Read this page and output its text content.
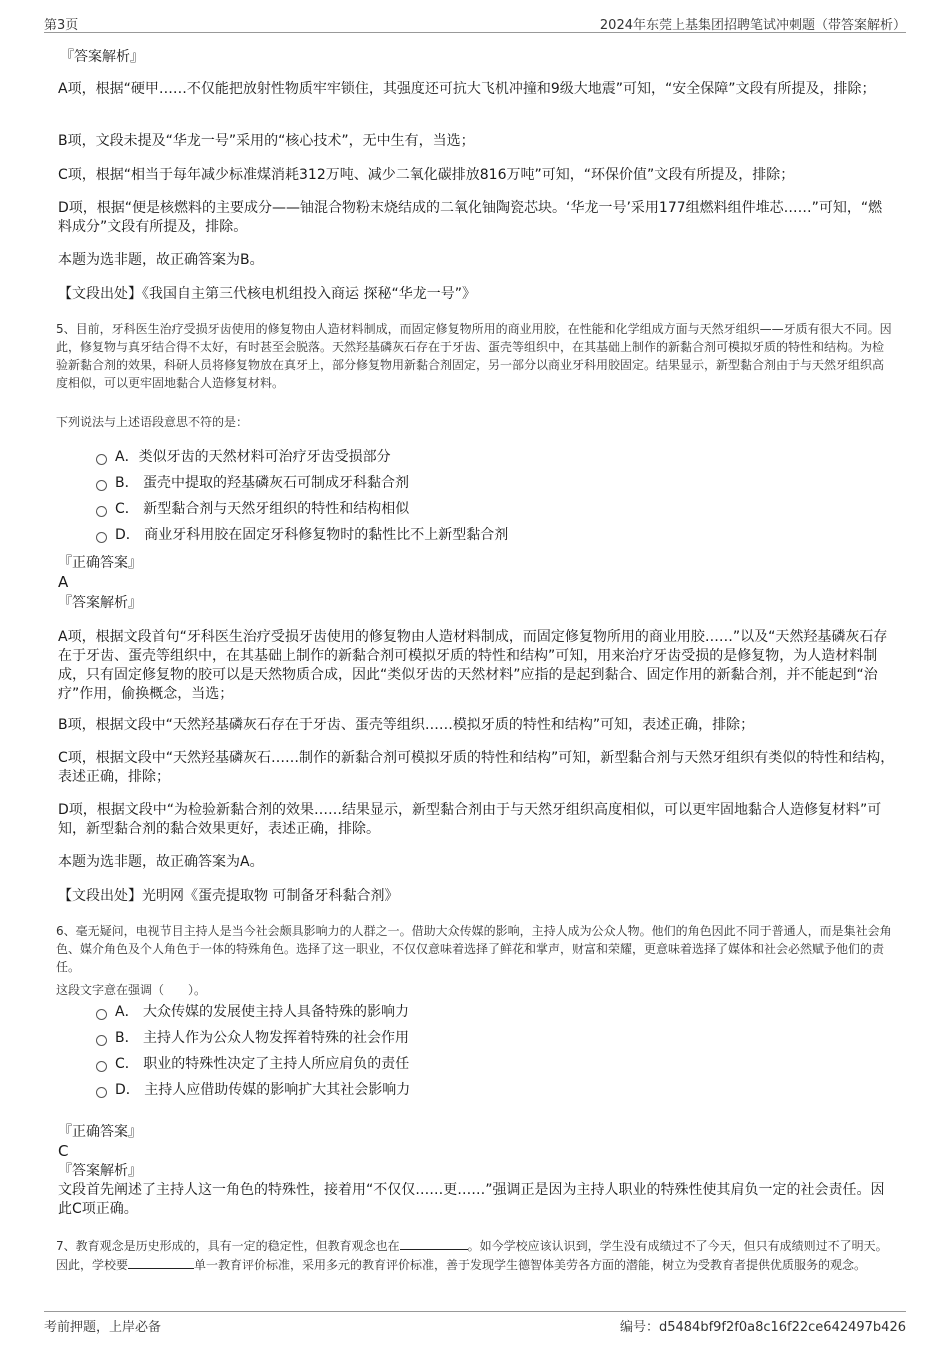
第3页	2024年东莞上基集团招聘笔试冲刺题（带答案解析）

『答案解析』

A项，根据“硬甲……不仅能把放射性物质牢牢锁住，其强度还可抗大飞机冲撞和9级大地震”可知，“安全保障”文段有所提及，排除；

B项，文段未提及“华龙一号”采用的“核心技术”，无中生有，当选；

C项，根据“相当于每年减少标准煤消耗312万吨、减少二氧化碳排放816万吨”可知，“环保价值”文段有所提及，排除；

D项，根据“便是核燃料的主要成分——铀混合物粉末烧结成的二氧化铀陶瓷芯块。‘华龙一号’采用177组燃料组件堆芯……”可知，“燃料成分”文段有所提及，排除。

本题为选非题，故正确答案为B。

【文段出处】《我国自主第三代核电机组投入商运 探秘“华龙一号”》

5、目前，牙科医生治疗受损牙齿使用的修复物由人造材料制成，而固定修复物所用的商业用胶，在性能和化学组成方面与天然牙组织——牙质有很大不同。因此，修复物与真牙结合得不太好，有时甚至会脱落。天然羟基磷灰石存在于牙齿、蛋壳等组织中，在其基础上制作的新黏合剂可模拟牙质的特性和结构。为检验新黏合剂的效果，科研人员将修复物放在真牙上，部分修复物用新黏合剂固定，另一部分以商业牙科用胶固定。结果显示，新型黏合剂由于与天然牙组织高度相似，可以更牢固地黏合人造修复材料。

下列说法与上述语段意思不符的是：

A．类似牙齿的天然材料可治疗牙齿受损部分
B． 蛋壳中提取的羟基磷灰石可制成牙科黏合剂
C． 新型黏合剂与天然牙组织的特性和结构相似
D． 商业牙科用胶在固定牙科修复物时的黏性比不上新型黏合剂

『正确答案』

A

『答案解析』

A项，根据文段首句“牙科医生治疗受损牙齿使用的修复物由人造材料制成，而固定修复物所用的商业用胶……”以及“天然羟基磷灰石存在于牙齿、蛋壳等组织中，在其基础上制作的新黏合剂可模拟牙质的特性和结构”可知，用来治疗牙齿受损的是修复物，为人造材料制成，只有固定修复物的胶可以是天然物质合成，因此“类似牙齿的天然材料”应指的是起到黏合、固定作用的新黏合剂，并不能起到“治疗”作用，偷换概念，当选；

B项，根据文段中“天然羟基磷灰石存在于牙齿、蛋壳等组织……模拟牙质的特性和结构”可知，表述正确，排除；

C项，根据文段中“天然羟基磷灰石……制作的新黏合剂可模拟牙质的特性和结构”可知，新型黏合剂与天然牙组织有类似的特性和结构，表述正确，排除；

D项，根据文段中“为检验新黏合剂的效果……结果显示，新型黏合剂由于与天然牙组织高度相似，可以更牢固地黏合人造修复材料”可知，新型黏合剂的黏合效果更好，表述正确，排除。

本题为选非题，故正确答案为A。

【文段出处】光明网《蛋壳提取物 可制备牙科黏合剂》

6、毫无疑问，电视节目主持人是当今社会颇具影响力的人群之一。借助大众传媒的影响，主持人成为公众人物。他们的角色因此不同于普通人，而是集社会角色、媒介角色及个人角色于一体的特殊角色。选择了这一职业，不仅仅意味着选择了鲜花和掌声，财富和荣耀，更意味着选择了媒体和社会必然赋予他们的责任。

这段文字意在强调（　　）。

A． 大众传媒的发展使主持人具备特殊的影响力
B． 主持人作为公众人物发挥着特殊的社会作用
C． 职业的特殊性决定了主持人所应肩负的责任
D． 主持人应借助传媒的影响扩大其社会影响力

『正确答案』

C

『答案解析』

文段首先阐述了主持人这一角色的特殊性，接着用“不仅仅……更……”强调正是因为主持人职业的特殊性使其肩负一定的社会责任。因此C项正确。

7、教育观念是历史形成的，具有一定的稳定性，但教育观念也在	。如今学校应该认识到，学生没有成绩过不了今天，但只有成绩则过不了明天。因此，学校要	单一教育评价标准，采用多元的教育评价标准，善于发现学生德智体美劳各方面的潜能，树立为受教育者提供优质服务的观念。

考前押题，上岸必备	编号：d5484bf9f2f0a8c16f22ce642497b426
